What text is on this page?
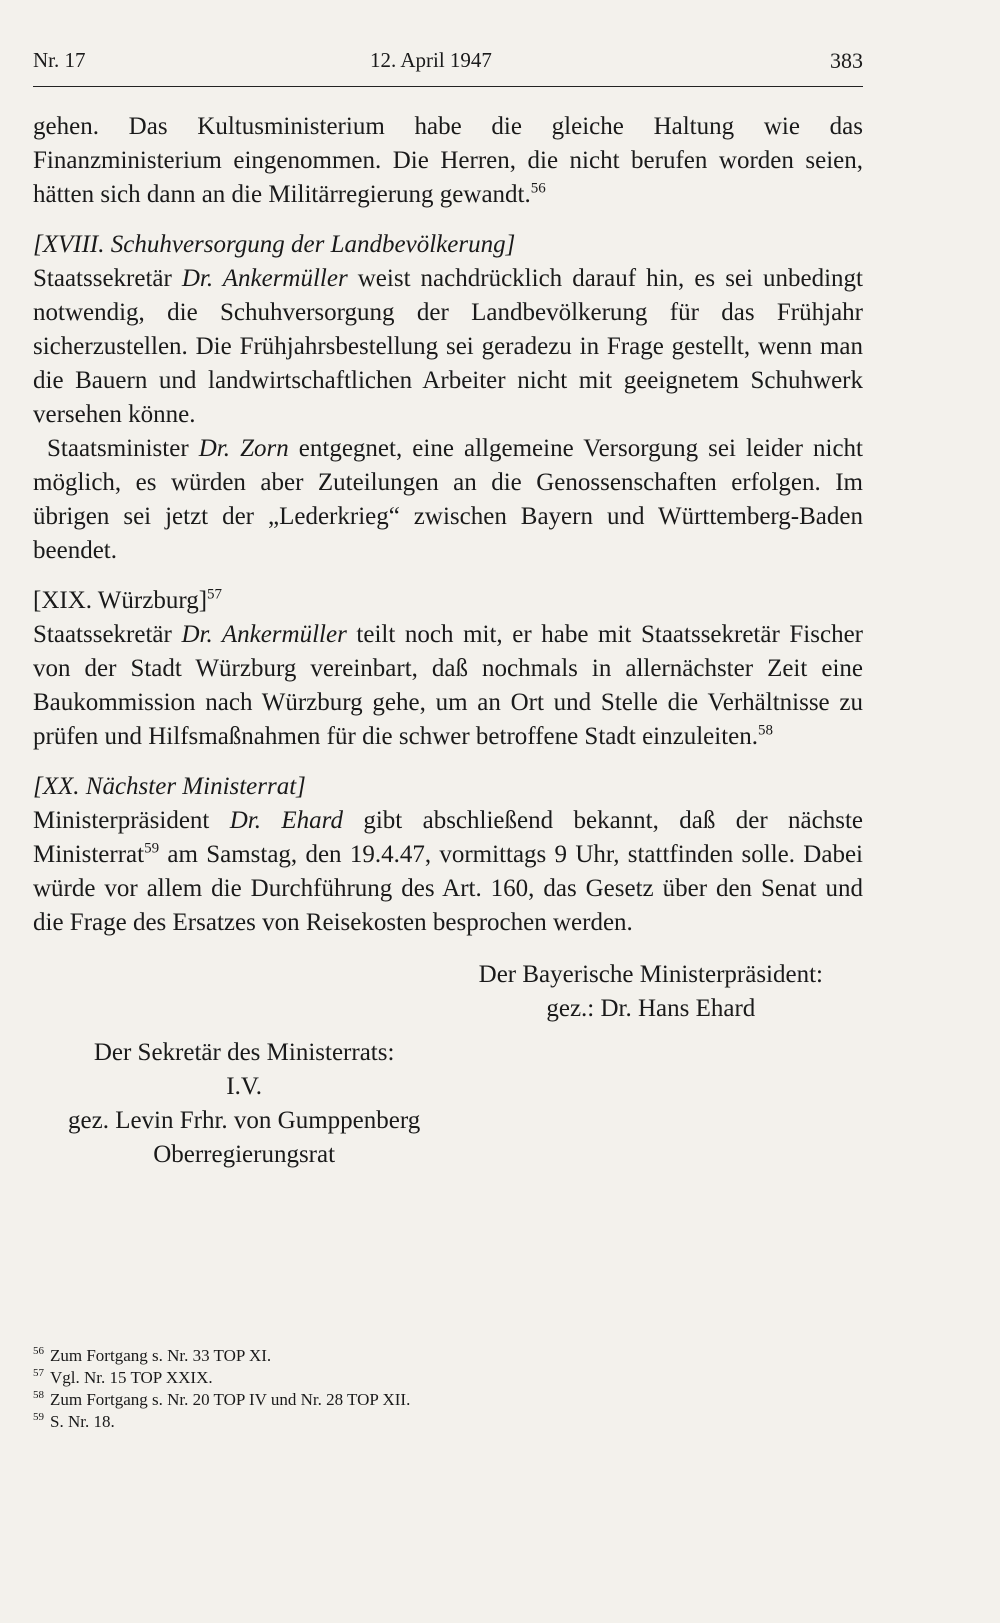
Nr. 17	12. April 1947	383

gehen. Das Kultusministerium habe die gleiche Haltung wie das Finanzministerium eingenommen. Die Herren, die nicht berufen worden seien, hätten sich dann an die Militärregierung gewandt.$^{56}$

[XVIII. Schuhversorgung der Landbevölkerung]

Staatssekretär Dr. Ankermüller weist nachdrücklich darauf hin, es sei unbedingt notwendig, die Schuhversorgung der Landbevölkerung für das Frühjahr sicherzustellen. Die Frühjahrsbestellung sei geradezu in Frage gestellt, wenn man die Bauern und landwirtschaftlichen Arbeiter nicht mit geeignetem Schuhwerk versehen könne.

Staatsminister Dr. Zorn entgegnet, eine allgemeine Versorgung sei leider nicht möglich, es würden aber Zuteilungen an die Genossenschaften erfolgen. Im übrigen sei jetzt der „Lederkrieg“ zwischen Bayern und Württemberg-Baden beendet.

[XIX. Würzburg]$^{57}$

Staatssekretär Dr. Ankermüller teilt noch mit, er habe mit Staatssekretär Fischer von der Stadt Würzburg vereinbart, daß nochmals in allernächster Zeit eine Baukommission nach Würzburg gehe, um an Ort und Stelle die Verhältnisse zu prüfen und Hilfsmaßnahmen für die schwer betroffene Stadt einzuleiten.$^{58}$

[XX. Nächster Ministerrat]

Ministerpräsident Dr. Ehard gibt abschließend bekannt, daß der nächste Ministerrat$^{59}$ am Samstag, den 19.4.47, vormittags 9 Uhr, stattfinden solle. Dabei würde vor allem die Durchführung des Art. 160, das Gesetz über den Senat und die Frage des Ersatzes von Reisekosten besprochen werden.

Der Bayerische Ministerpräsident:
gez.: Dr. Hans Ehard
Der Sekretär des Ministerrats:
I.V.
gez. Levin Frhr. von Gumppenberg
Oberregierungsrat
$^{56}$ Zum Fortgang s. Nr. 33 TOP XI.
$^{57}$ Vgl. Nr. 15 TOP XXIX.
$^{58}$ Zum Fortgang s. Nr. 20 TOP IV und Nr. 28 TOP XII.
$^{59}$ S. Nr. 18.
